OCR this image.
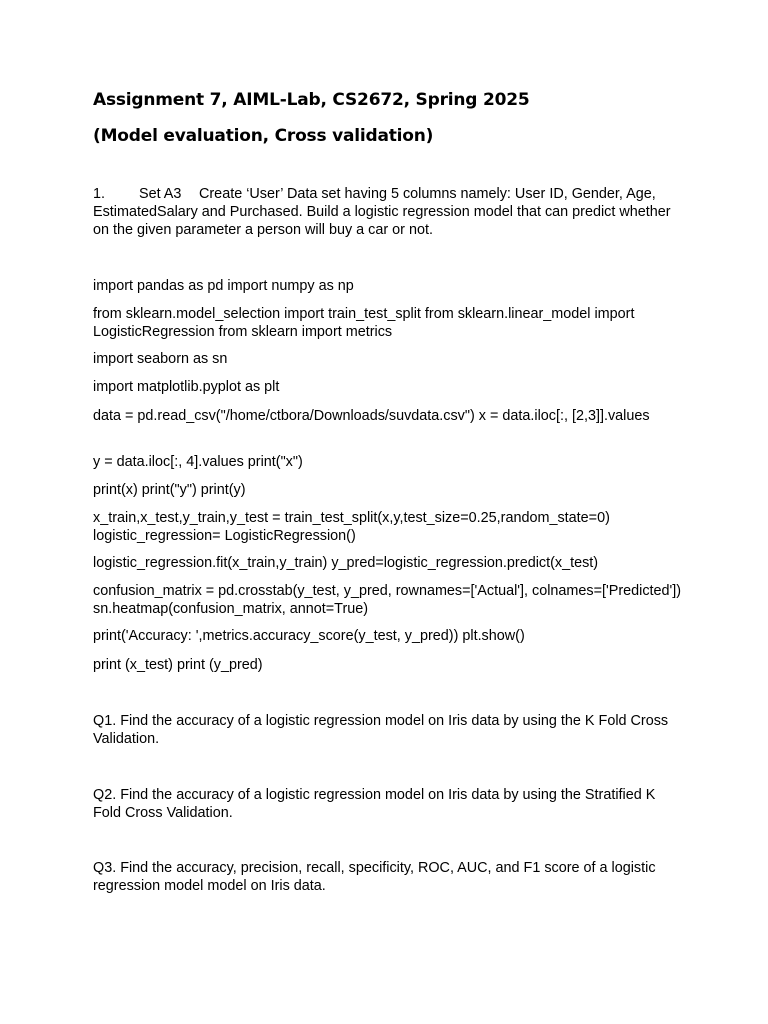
Assignment 7, AIML-Lab, CS2672, Spring 2025
(Model evaluation, Cross validation)
1. Set A3 Create ‘User’ Data set having 5 columns namely: User ID, Gender, Age, EstimatedSalary and Purchased. Build a logistic regression model that can predict whether on the given parameter a person will buy a car or not.
import pandas as pd import numpy as np
from sklearn.model_selection import train_test_split from sklearn.linear_model import LogisticRegression from sklearn import metrics
import seaborn as sn
import matplotlib.pyplot as plt
data = pd.read_csv("/home/ctbora/Downloads/suvdata.csv") x = data.iloc[:, [2,3]].values
y = data.iloc[:, 4].values print("x")
print(x) print("y") print(y)
x_train,x_test,y_train,y_test = train_test_split(x,y,test_size=0.25,random_state=0) logistic_regression= LogisticRegression()
logistic_regression.fit(x_train,y_train) y_pred=logistic_regression.predict(x_test)
confusion_matrix = pd.crosstab(y_test, y_pred, rownames=['Actual'], colnames=['Predicted']) sn.heatmap(confusion_matrix, annot=True)
print('Accuracy: ',metrics.accuracy_score(y_test, y_pred)) plt.show()
print (x_test) print (y_pred)
Q1. Find the accuracy of a logistic regression model on Iris data by using the K Fold Cross Validation.
Q2. Find the accuracy of a logistic regression model on Iris data by using the Stratified K Fold Cross Validation.
Q3. Find the accuracy, precision, recall, specificity, ROC, AUC, and F1 score of a logistic regression model model on Iris data.
